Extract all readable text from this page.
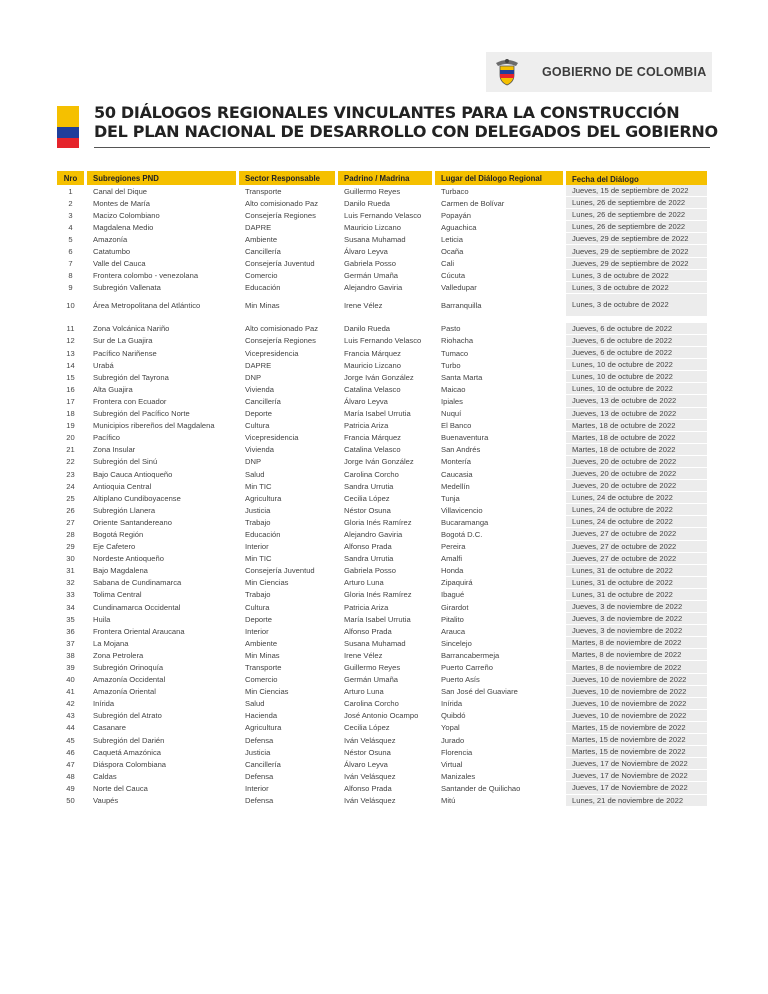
GOBIERNO DE COLOMBIA
50 DIÁLOGOS REGIONALES VINCULANTES PARA LA CONSTRUCCIÓN
DEL PLAN NACIONAL DE DESARROLLO CON DELEGADOS DEL GOBIERNO
Nro	Subregiones PND	Sector Responsable	Padrino / Madrina	Lugar del Diálogo Regional	Fecha del Diálogo
1	Canal del Dique	Transporte	Guillermo Reyes	Turbaco	Jueves, 15 de septiembre de 2022
2	Montes de María	Alto comisionado Paz	Danilo Rueda	Carmen de Bolívar	Lunes, 26 de septiembre de 2022
3	Macizo Colombiano	Consejería Regiones	Luis Fernando Velasco	Popayán	Lunes, 26 de septiembre de 2022
4	Magdalena Medio	DAPRE	Mauricio Lizcano	Aguachica	Lunes, 26 de septiembre de 2022
5	Amazonía	Ambiente	Susana Muhamad	Leticia	Jueves, 29 de septiembre de 2022
6	Catatumbo	Cancillería	Álvaro Leyva	Ocaña	Jueves, 29 de septiembre de 2022
7	Valle del Cauca	Consejería Juventud	Gabriela Posso	Cali	Jueves, 29 de septiembre de 2022
8	Frontera colombo - venezolana	Comercio	Germán Umaña	Cúcuta	Lunes, 3 de octubre de 2022
9	Subregión Vallenata	Educación	Alejandro Gaviria	Valledupar	Lunes, 3 de octubre de 2022
10	Área Metropolitana del Atlántico	Min Minas	Irene Vélez	Barranquilla	Lunes, 3 de octubre de 2022

11	Zona Volcánica Nariño	Alto comisionado Paz	Danilo Rueda	Pasto	Jueves, 6 de octubre de 2022
12	Sur de La Guajira	Consejería Regiones	Luis Fernando Velasco	Riohacha	Jueves, 6 de octubre de 2022
13	Pacífico Nariñense	Vicepresidencia	Francia Márquez	Tumaco	Jueves, 6 de octubre de 2022
14	Urabá	DAPRE	Mauricio Lizcano	Turbo	Lunes, 10 de octubre de 2022
15	Subregión del Tayrona	DNP	Jorge Iván González	Santa Marta	Lunes, 10 de octubre de 2022
16	Alta Guajira	Vivienda	Catalina Velasco	Maicao	Lunes, 10 de octubre de 2022
17	Frontera con Ecuador	Cancillería	Álvaro Leyva	Ipiales	Jueves, 13 de octubre de 2022
18	Subregión del Pacífico Norte	Deporte	María Isabel Urrutia	Nuquí	Jueves, 13 de octubre de 2022
19	Municipios ribereños del Magdalena	Cultura	Patricia Ariza	El Banco	Martes, 18 de octubre de 2022
20	Pacífico	Vicepresidencia	Francia Márquez	Buenaventura	Martes, 18 de octubre de 2022
21	Zona Insular	Vivienda	Catalina Velasco	San Andrés	Martes, 18 de octubre de 2022
22	Subregión del Sinú	DNP	Jorge Iván González	Montería	Jueves, 20 de octubre de 2022
23	Bajo Cauca Antioqueño	Salud	Carolina Corcho	Caucasia	Jueves, 20 de octubre de 2022
24	Antioquia Central	Min TIC	Sandra Urrutia	Medellín	Jueves, 20 de octubre de 2022
25	Altiplano Cundiboyacense	Agricultura	Cecilia López	Tunja	Lunes, 24 de octubre de 2022
26	Subregión Llanera	Justicia	Néstor Osuna	Villavicencio	Lunes, 24 de octubre de 2022
27	Oriente Santandereano	Trabajo	Gloria Inés Ramírez	Bucaramanga	Lunes, 24 de octubre de 2022
28	Bogotá Región	Educación	Alejandro Gaviria	Bogotá D.C.	Jueves, 27 de octubre de 2022
29	Eje Cafetero	Interior	Alfonso Prada	Pereira	Jueves, 27 de octubre de 2022
30	Nordeste Antioqueño	Min TIC	Sandra Urrutia	Amalfi	Jueves, 27 de octubre de 2022
31	Bajo Magdalena	Consejería Juventud	Gabriela Posso	Honda	Lunes, 31 de octubre de 2022
32	Sabana de Cundinamarca	Min Ciencias	Arturo Luna	Zipaquirá	Lunes, 31 de octubre de 2022
33	Tolima Central	Trabajo	Gloria Inés Ramírez	Ibagué	Lunes, 31 de octubre de 2022
34	Cundinamarca Occidental	Cultura	Patricia Ariza	Girardot	Jueves, 3 de noviembre de 2022
35	Huila	Deporte	María Isabel Urrutia	Pitalito	Jueves, 3 de noviembre de 2022
36	Frontera Oriental Araucana	Interior	Alfonso Prada	Arauca	Jueves, 3 de noviembre de 2022
37	La Mojana	Ambiente	Susana Muhamad	Sincelejo	Martes, 8 de noviembre de 2022
38	Zona Petrolera	Min Minas	Irene Vélez	Barrancabermeja	Martes, 8 de noviembre de 2022
39	Subregión Orinoquía	Transporte	Guillermo Reyes	Puerto Carreño	Martes, 8 de noviembre de 2022
40	Amazonía Occidental	Comercio	Germán Umaña	Puerto Asís	Jueves, 10 de noviembre de 2022
41	Amazonía Oriental	Min Ciencias	Arturo Luna	San José del Guaviare	Jueves, 10 de noviembre de 2022
42	Inírida	Salud	Carolina Corcho	Inírida	Jueves, 10 de noviembre de 2022
43	Subregión del Atrato	Hacienda	José Antonio Ocampo	Quibdó	Jueves, 10 de noviembre de 2022
44	Casanare	Agricultura	Cecilia López	Yopal	Martes, 15 de noviembre de 2022
45	Subregión del Darién	Defensa	Iván Velásquez	Jurado	Martes, 15 de noviembre de 2022
46	Caquetá Amazónica	Justicia	Néstor Osuna	Florencia	Martes, 15 de noviembre de 2022
47	Diáspora Colombiana	Cancillería	Álvaro Leyva	Virtual	Jueves, 17 de Noviembre de 2022
48	Caldas	Defensa	Iván Velásquez	Manizales	Jueves, 17 de Noviembre de 2022
49	Norte del Cauca	Interior	Alfonso Prada	Santander de Quilichao	Jueves, 17 de Noviembre de 2022
50	Vaupés	Defensa	Iván Velásquez	Mitú	Lunes, 21 de noviembre de 2022
